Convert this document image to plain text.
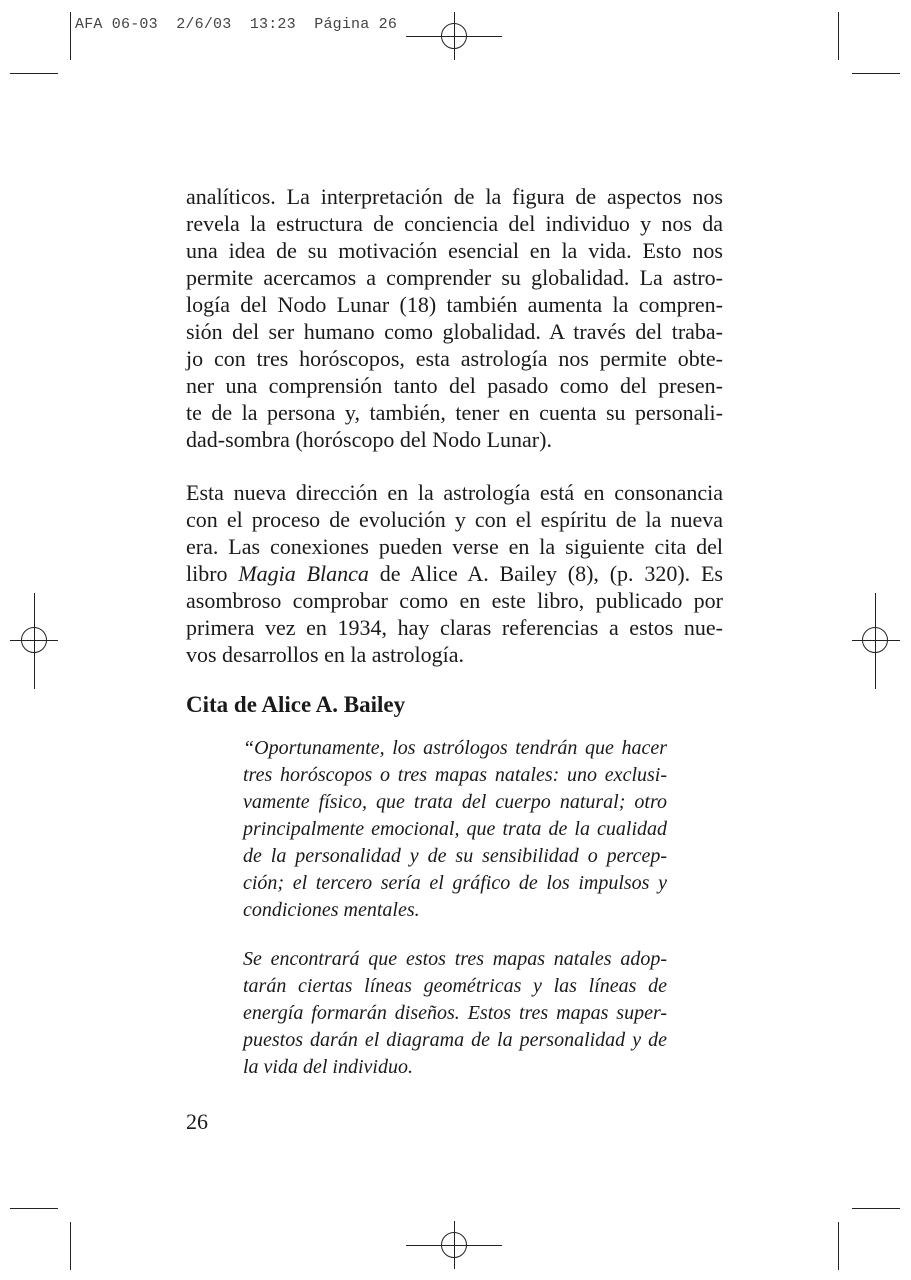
AFA 06-03  2/6/03  13:23  Página 26
analíticos. La interpretación de la figura de aspectos nos
revela la estructura de conciencia del individuo y nos da
una idea de su motivación esencial en la vida. Esto nos
permite acercamos a comprender su globalidad. La astro-
logía del Nodo Lunar (18) también aumenta la compren-
sión del ser humano como globalidad. A través del traba-
jo con tres horóscopos, esta astrología nos permite obte-
ner una comprensión tanto del pasado como del presen-
te de la persona y, también, tener en cuenta su personali-
dad-sombra (horóscopo del Nodo Lunar).
Esta nueva dirección en la astrología está en consonancia
con el proceso de evolución y con el espíritu de la nueva
era. Las conexiones pueden verse en la siguiente cita del
libro Magia Blanca de Alice A. Bailey (8), (p. 320). Es
asombroso comprobar como en este libro, publicado por
primera vez en 1934, hay claras referencias a estos nue-
vos desarrollos en la astrología.
Cita de Alice A. Bailey
“Oportunamente, los astrólogos tendrán que hacer
tres horóscopos o tres mapas natales: uno exclusi-
vamente físico, que trata del cuerpo natural; otro
principalmente emocional, que trata de la cualidad
de la personalidad y de su sensibilidad o percep-
ción; el tercero sería el gráfico de los impulsos y
condiciones mentales.
Se encontrará que estos tres mapas natales adop-
tarán ciertas líneas geométricas y las líneas de
energía formarán diseños. Estos tres mapas super-
puestos darán el diagrama de la personalidad y de
la vida del individuo.
26
